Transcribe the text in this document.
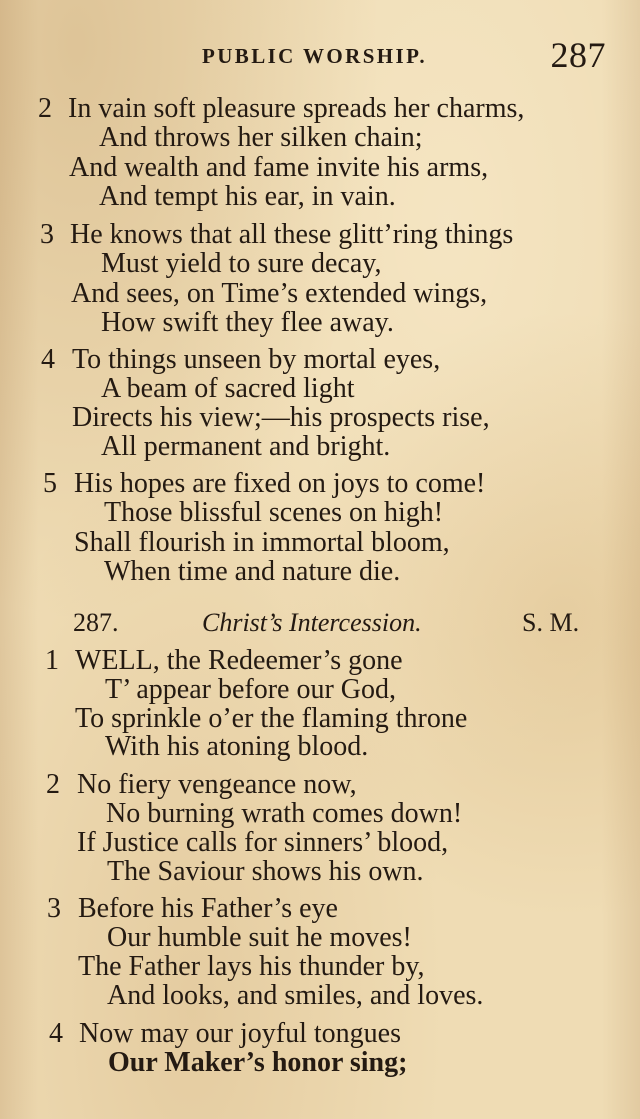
PUBLIC WORSHIP.	287
2 In vain soft pleasure spreads her charms,
And throws her silken chain;
And wealth and fame invite his arms,
And tempt his ear, in vain.
3 He knows that all these glitt’ring things
Must yield to sure decay,
And sees, on Time’s extended wings,
How swift they flee away.
4 To things unseen by mortal eyes,
A beam of sacred light
Directs his view;—his prospects rise,
All permanent and bright.
5 His hopes are fixed on joys to come!
Those blissful scenes on high!
Shall flourish in immortal bloom,
When time and nature die.
287.	Christ’s Intercession.	S. M.
1 WELL, the Redeemer’s gone
T’ appear before our God,
To sprinkle o’er the flaming throne
With his atoning blood.
2 No fiery vengeance now,
No burning wrath comes down!
If Justice calls for sinners’ blood,
The Saviour shows his own.
3 Before his Father’s eye
Our humble suit he moves!
The Father lays his thunder by,
And looks, and smiles, and loves.
4 Now may our joyful tongues
Our Maker’s honor sing;
